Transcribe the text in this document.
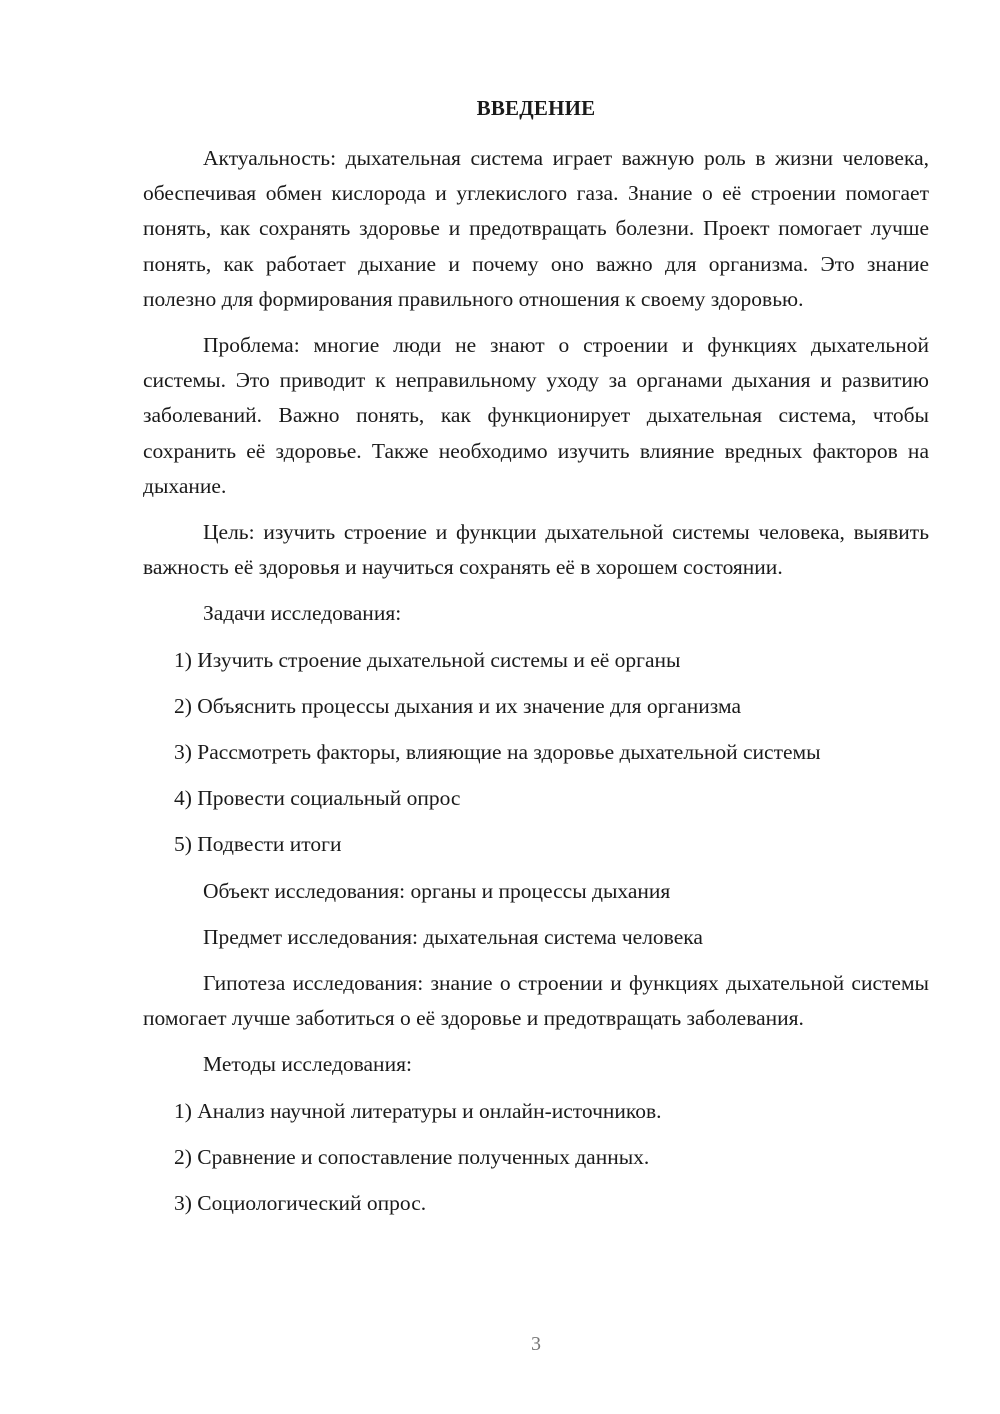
ВВЕДЕНИЕ

Актуальность: дыхательная система играет важную роль в жизни человека, обеспечивая обмен кислорода и углекислого газа. Знание о её строении помогает понять, как сохранять здоровье и предотвращать болезни. Проект помогает лучше понять, как работает дыхание и почему оно важно для организма. Это знание полезно для формирования правильного отношения к своему здоровью.

Проблема: многие люди не знают о строении и функциях дыхательной системы. Это приводит к неправильному уходу за органами дыхания и развитию заболеваний. Важно понять, как функционирует дыхательная система, чтобы сохранить её здоровье. Также необходимо изучить влияние вредных факторов на дыхание.

Цель: изучить строение и функции дыхательной системы человека, выявить важность её здоровья и научиться сохранять её в хорошем состоянии.

Задачи исследования:

1) Изучить строение дыхательной системы и её органы

2) Объяснить процессы дыхания и их значение для организма

3) Рассмотреть факторы, влияющие на здоровье дыхательной системы

4) Провести социальный опрос

5) Подвести итоги

Объект исследования: органы и процессы дыхания

Предмет исследования: дыхательная система человека

Гипотеза исследования: знание о строении и функциях дыхательной системы помогает лучше заботиться о её здоровье и предотвращать заболевания.

Методы исследования:

1) Анализ научной литературы и онлайн-источников.

2) Сравнение и сопоставление полученных данных.

3) Социологический опрос.

3
